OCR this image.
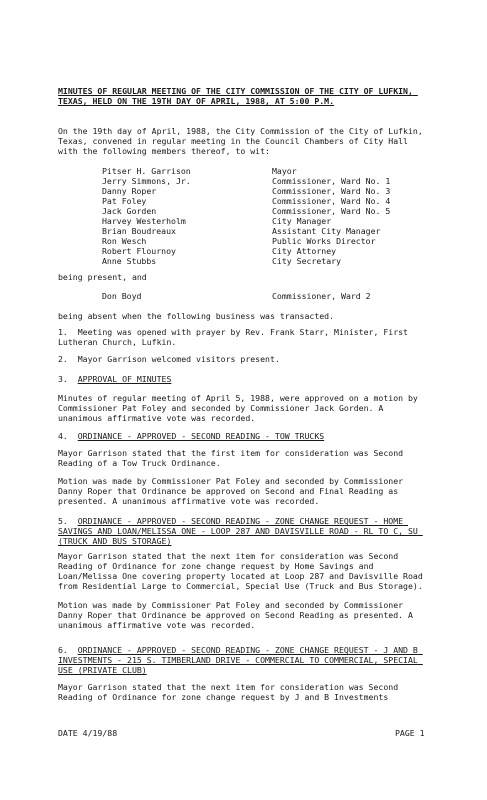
MINUTES OF REGULAR MEETING OF THE CITY COMMISSION OF THE CITY OF LUFKIN, TEXAS, HELD ON THE 19TH DAY OF APRIL, 1988, AT 5:00 P.M.
On the 19th day of April, 1988, the City Commission of the City of Lufkin, Texas, convened in regular meeting in the Council Chambers of City Hall with the following members thereof, to wit:
Pitser H. Garrison	Mayor
Jerry Simmons, Jr.	Commissioner, Ward No. 1
Danny Roper	Commissioner, Ward No. 3
Pat Foley	Commissioner, Ward No. 4
Jack Gorden	Commissioner, Ward No. 5
Harvey Westerholm	City Manager
Brian Boudreaux	Assistant City Manager
Ron Wesch	Public Works Director
Robert Flournoy	City Attorney
Anne Stubbs	City Secretary
being present, and
Don Boyd	Commissioner, Ward 2
being absent when the following business was transacted.
1.  Meeting was opened with prayer by Rev. Frank Starr, Minister, First Lutheran Church, Lufkin.
2.  Mayor Garrison welcomed visitors present.
3. APPROVAL OF MINUTES
Minutes of regular meeting of April 5, 1988, were approved on a motion by Commissioner Pat Foley and seconded by Commissioner Jack Gorden. A unanimous affirmative vote was recorded.
4. ORDINANCE - APPROVED - SECOND READING - TOW TRUCKS
Mayor Garrison stated that the first item for consideration was Second Reading of a Tow Truck Ordinance.
Motion was made by Commissioner Pat Foley and seconded by Commissioner Danny Roper that Ordinance be approved on Second and Final Reading as presented. A unanimous affirmative vote was recorded.
5. ORDINANCE - APPROVED - SECOND READING - ZONE CHANGE REQUEST - HOME SAVINGS AND LOAN/MELISSA ONE - LOOP 287 AND DAVISVILLE ROAD - RL TO C, SU (TRUCK AND BUS STORAGE)
Mayor Garrison stated that the next item for consideration was Second Reading of Ordinance for zone change request by Home Savings and Loan/Melissa One covering property located at Loop 287 and Davisville Road from Residential Large to Commercial, Special Use (Truck and Bus Storage).
Motion was made by Commissioner Pat Foley and seconded by Commissioner Danny Roper that Ordinance be approved on Second Reading as presented. A unanimous affirmative vote was recorded.
6. ORDINANCE - APPROVED - SECOND READING - ZONE CHANGE REQUEST - J AND B INVESTMENTS - 215 S. TIMBERLAND DRIVE - COMMERCIAL TO COMMERCIAL, SPECIAL USE (PRIVATE CLUB)
Mayor Garrison stated that the next item for consideration was Second Reading of Ordinance for zone change request by J and B Investments
DATE 4/19/88	PAGE 1
